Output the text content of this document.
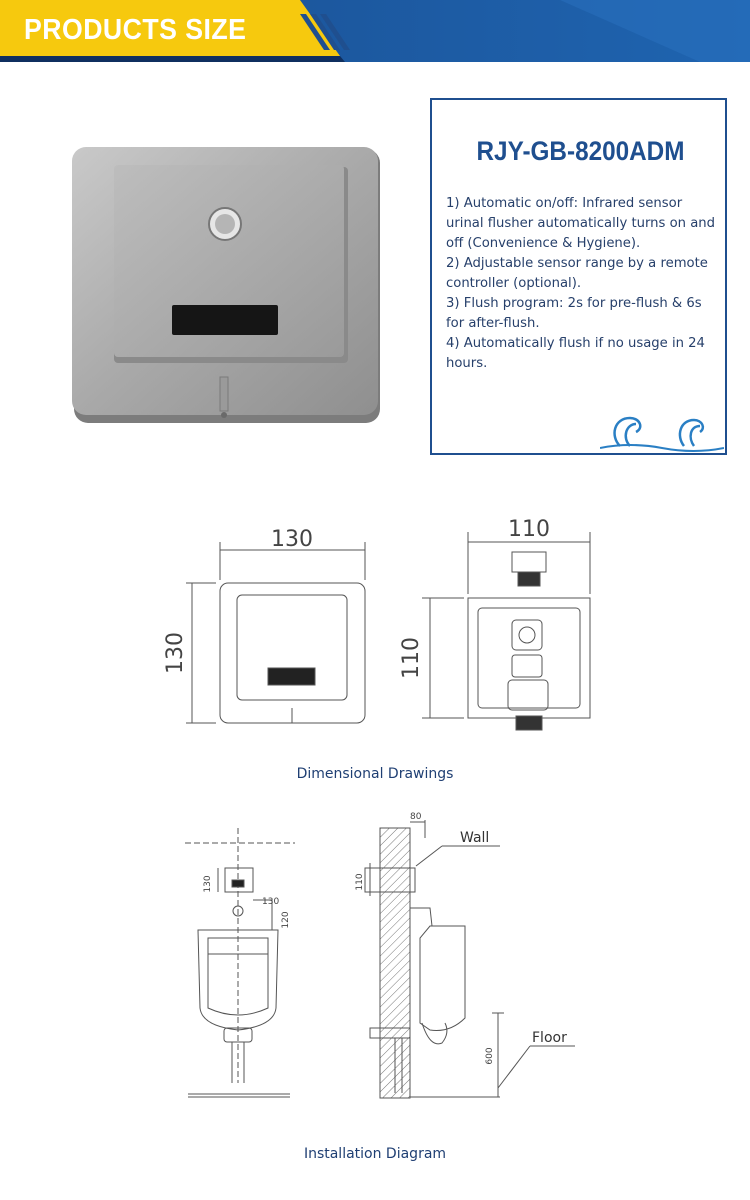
PRODUCTS SIZE
RJY-GB-8200ADM
1) Automatic on/off: Infrared sensor urinal flusher automatically turns on and off (Convenience & Hygiene).
2) Adjustable sensor range by a remote controller (optional).
3) Flush program: 2s for pre-flush & 6s for after-flush.
4) Automatically flush if no usage in 24 hours.
130
130
110
110
Dimensional Drawings
130
130
120
80
110
600
Wall
Floor
Installation Diagram
